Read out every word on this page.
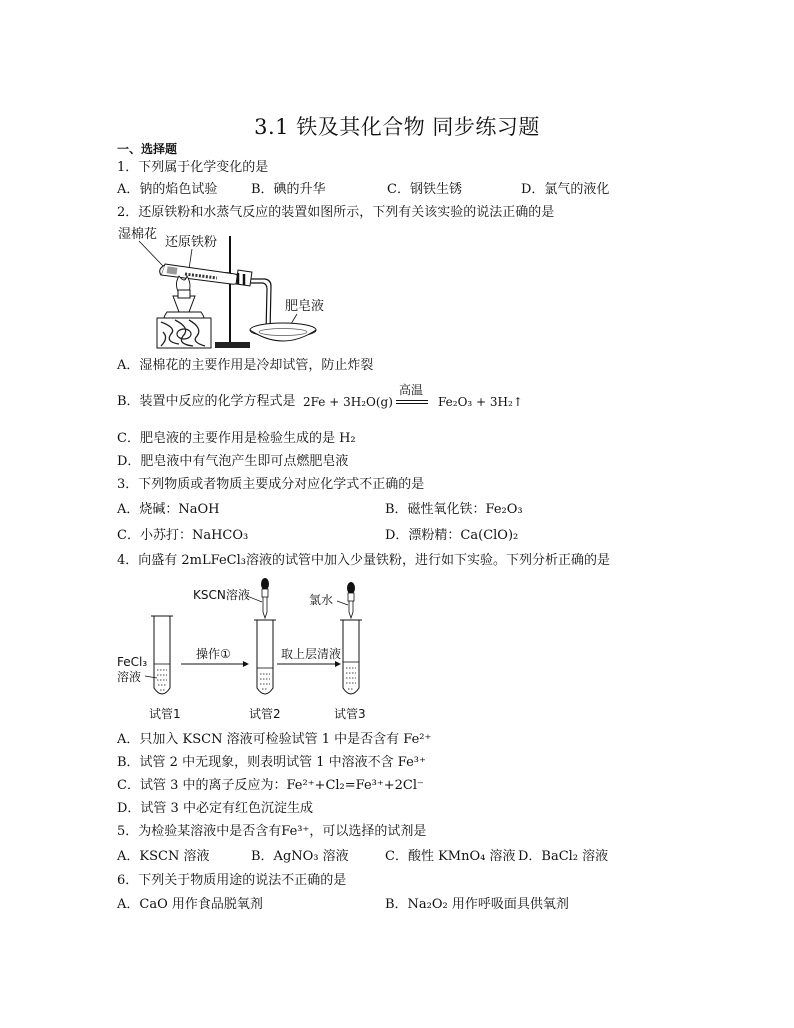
3.1 铁及其化合物 同步练习题
一、选择题
1．下列属于化学变化的是
A．钠的焰色试验	B．碘的升华	C．钢铁生锈	D．氯气的液化
2．还原铁粉和水蒸气反应的装置如图所示，下列有关该实验的说法正确的是
湿棉花
还原铁粉
肥皂液
A．湿棉花的主要作用是冷却试管，防止炸裂
B．装置中反应的化学方程式是 2Fe + 3H₂O(g)
高温
Fe₂O₃ + 3H₂↑
C．肥皂液的主要作用是检验生成的是 H₂
D．肥皂液中有气泡产生即可点燃肥皂液
3．下列物质或者物质主要成分对应化学式不正确的是
A．烧碱：NaOH	B．磁性氧化铁：Fe₂O₃
C．小苏打：NaHCO₃	D．漂粉精：Ca(ClO)₂
4．向盛有 2mLFeCl₃溶液的试管中加入少量铁粉，进行如下实验。下列分析正确的是
KSCN溶液	氯水
FeCl₃
溶液
操作①	取上层清液
试管1	试管2	试管3
A．只加入 KSCN 溶液可检验试管 1 中是否含有 Fe²⁺
B．试管 2 中无现象，则表明试管 1 中溶液不含 Fe³⁺
C．试管 3 中的离子反应为：Fe²⁺+Cl₂=Fe³⁺+2Cl⁻
D．试管 3 中必定有红色沉淀生成
5．为检验某溶液中是否含有Fe³⁺，可以选择的试剂是
A．KSCN 溶液	B．AgNO₃ 溶液	C．酸性 KMnO₄ 溶液 D．BaCl₂ 溶液
6．下列关于物质用途的说法不正确的是
A．CaO 用作食品脱氧剂	B．Na₂O₂ 用作呼吸面具供氧剂
